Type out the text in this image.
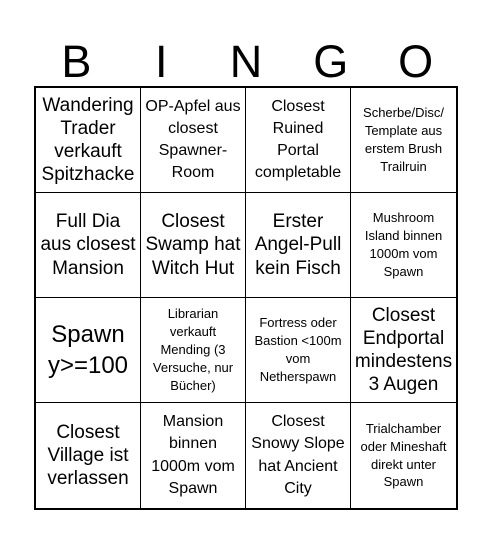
B	I	N	G	O
Wandering Trader verkauft Spitzhacke
OP-Apfel aus closest Spawner-Room
Closest Ruined Portal completable
Scherbe/Disc/
Template aus erstem Brush Trailruin
Full Dia aus closest Mansion
Closest Swamp hat Witch Hut
Erster Angel-Pull kein Fisch
Mushroom Island binnen 1000m vom Spawn
Spawn y>=100
Librarian verkauft Mending (3 Versuche, nur Bücher)
Fortress oder Bastion <100m vom Netherspawn
Closest Endportal mindestens 3 Augen
Closest Village ist verlassen
Mansion binnen 1000m vom Spawn
Closest Snowy Slope hat Ancient City
Trialchamber oder Mineshaft direkt unter Spawn
